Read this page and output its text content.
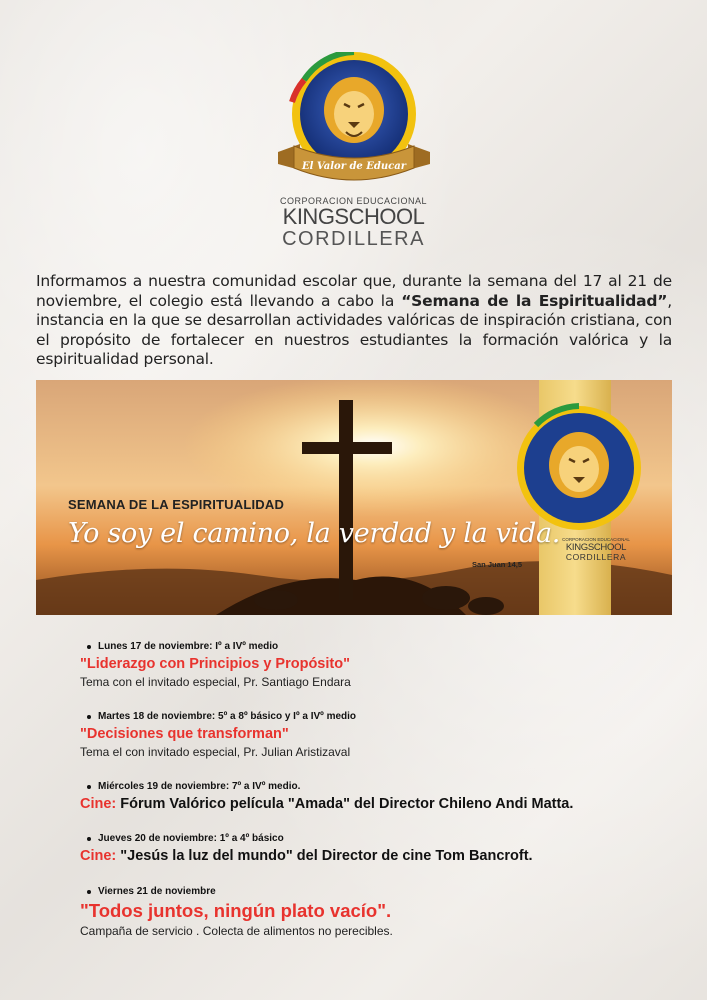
El Valor de Educar
CORPORACION EDUCACIONAL
KINGSCHOOL
CORDILLERA
Informamos a nuestra comunidad escolar que, durante la semana del 17 al 21 de noviembre, el colegio está llevando a cabo la “Semana de la Espiritualidad”, instancia en la que se desarrollan actividades valóricas de inspiración cristiana, con el propósito de fortalecer en nuestros estudiantes la formación valórica y la espiritualidad personal.
SEMANA DE LA ESPIRITUALIDAD
Yo soy el camino, la verdad y la vida.
San Juan 14,5
CORPORACION EDUCACIONAL
KINGSCHOOL
CORDILLERA
Lunes 17 de noviembre: Iº a IVº medio
"Liderazgo con Principios y Propósito"
Tema con el invitado especial, Pr. Santiago Endara
Martes 18 de noviembre: 5º a 8º básico y Iº a IVº medio
"Decisiones que transforman"
Tema el con invitado especial, Pr. Julian Aristizaval
Miércoles 19 de noviembre: 7º a IVº medio.
Cine: Fórum Valórico película "Amada" del Director Chileno Andi Matta.
Jueves 20 de noviembre: 1º a 4º básico
Cine: "Jesús la luz del mundo" del Director de cine Tom Bancroft.
Viernes 21 de noviembre
"Todos juntos, ningún plato vacío".
Campaña de servicio . Colecta de alimentos no perecibles.
